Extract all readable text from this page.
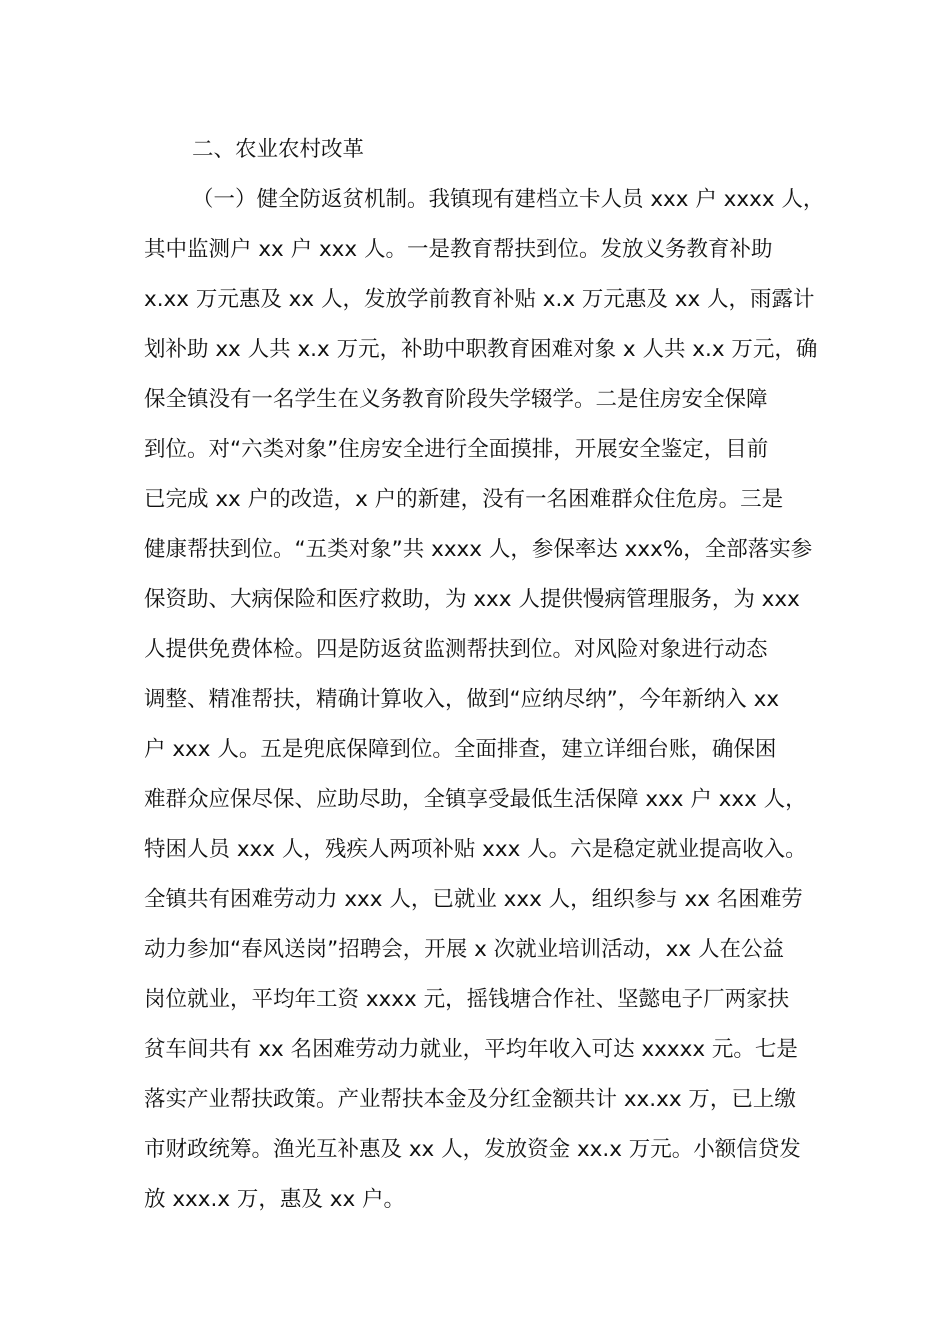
二、农业农村改革
（一）健全防返贫机制。我镇现有建档立卡人员 xxx 户 xxxx 人，
其中监测户 xx 户 xxx 人。一是教育帮扶到位。发放义务教育补助
x.xx 万元惠及 xx 人，发放学前教育补贴 x.x 万元惠及 xx 人，雨露计
划补助 xx 人共 x.x 万元，补助中职教育困难对象 x 人共 x.x 万元，确
保全镇没有一名学生在义务教育阶段失学辍学。二是住房安全保障
到位。对“六类对象”住房安全进行全面摸排，开展安全鉴定，目前
已完成 xx 户的改造，x 户的新建，没有一名困难群众住危房。三是
健康帮扶到位。“五类对象”共 xxxx 人，参保率达 xxx%，全部落实参
保资助、大病保险和医疗救助，为 xxx 人提供慢病管理服务，为 xxx
人提供免费体检。四是防返贫监测帮扶到位。对风险对象进行动态
调整、精准帮扶，精确计算收入，做到“应纳尽纳”，今年新纳入 xx
户 xxx 人。五是兜底保障到位。全面排查，建立详细台账，确保困
难群众应保尽保、应助尽助，全镇享受最低生活保障 xxx 户 xxx 人，
特困人员 xxx 人，残疾人两项补贴 xxx 人。六是稳定就业提高收入。
全镇共有困难劳动力 xxx 人，已就业 xxx 人，组织参与 xx 名困难劳
动力参加“春风送岗”招聘会，开展 x 次就业培训活动，xx 人在公益
岗位就业，平均年工资 xxxx 元，摇钱塘合作社、坚懿电子厂两家扶
贫车间共有 xx 名困难劳动力就业，平均年收入可达 xxxxx 元。七是
落实产业帮扶政策。产业帮扶本金及分红金额共计 xx.xx 万，已上缴
市财政统筹。渔光互补惠及 xx 人，发放资金 xx.x 万元。小额信贷发
放 xxx.x 万，惠及 xx 户。
